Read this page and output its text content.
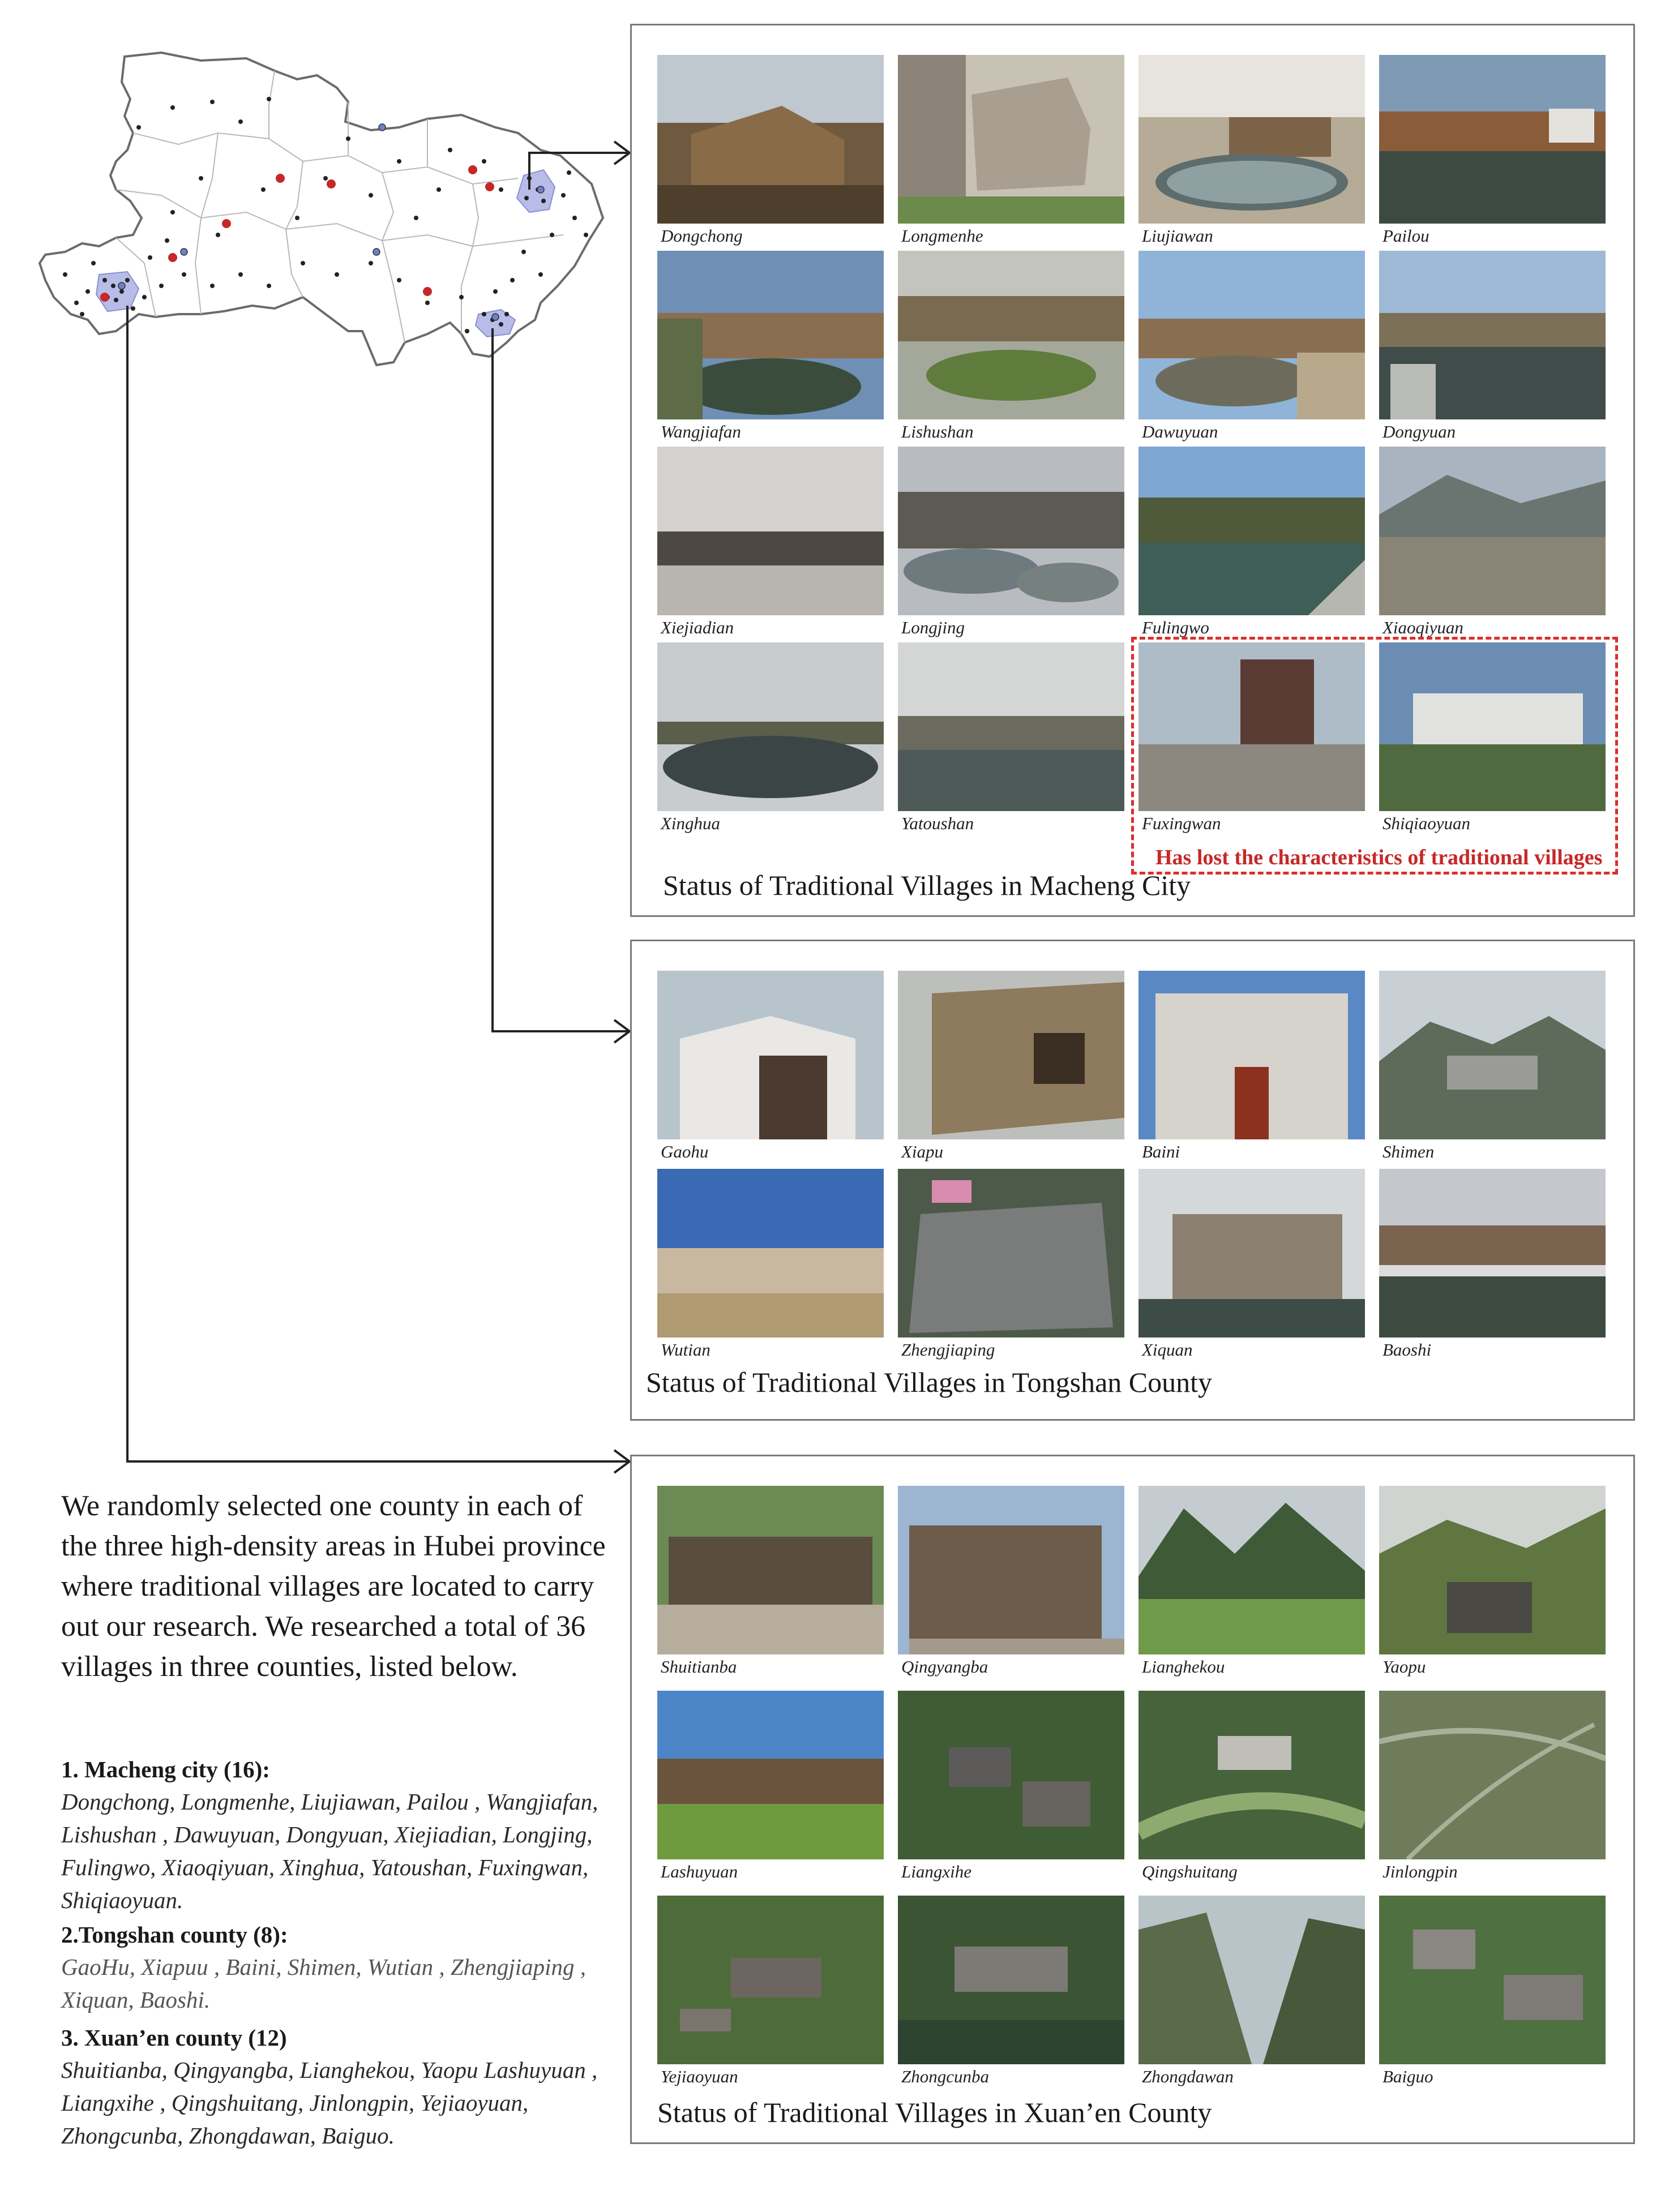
Dongchong	Longmenhe	Liujiawan	Pailou
Wangjiafan	Lishushan	Dawuyuan	Dongyuan
Xiejiadian	Longjing	Fulingwo	Xiaoqiyuan
Xinghua	Yatoushan	Fuxingwan	Shiqiaoyuan
Has lost the characteristics of traditional villages
Status of Traditional Villages in Macheng City
Gaohu	Xiapu	Baini	Shimen
Wutian	Zhengjiaping	Xiquan	Baoshi
Status of Traditional Villages in Tongshan County
Shuitianba	Qingyangba	Lianghekou	Yaopu
Lashuyuan	Liangxihe	Qingshuitang	Jinlongpin
Yejiaoyuan	Zhongcunba	Zhongdawan	Baiguo
Status of Traditional Villages in Xuan’en County
We randomly selected one county in each of the three high-density areas in Hubei province where traditional villages are located to carry out our research. We researched a total of 36 villages in three counties, listed below.
1. Macheng city (16):
Dongchong, Longmenhe, Liujiawan, Pailou , Wangjiafan, Lishushan , Dawuyuan, Dongyuan, Xiejiadian, Longjing, Fulingwo, Xiaoqiyuan, Xinghua, Yatoushan, Fuxingwan, Shiqiaoyuan.
2.Tongshan county (8):
GaoHu, Xiapuu , Baini, Shimen, Wutian , Zhengjiaping , Xiquan, Baoshi.
3. Xuan’en county (12)
Shuitianba, Qingyangba, Lianghekou, Yaopu Lashuyuan , Liangxihe , Qingshuitang, Jinlongpin, Yejiaoyuan, Zhongcunba, Zhongdawan, Baiguo.
